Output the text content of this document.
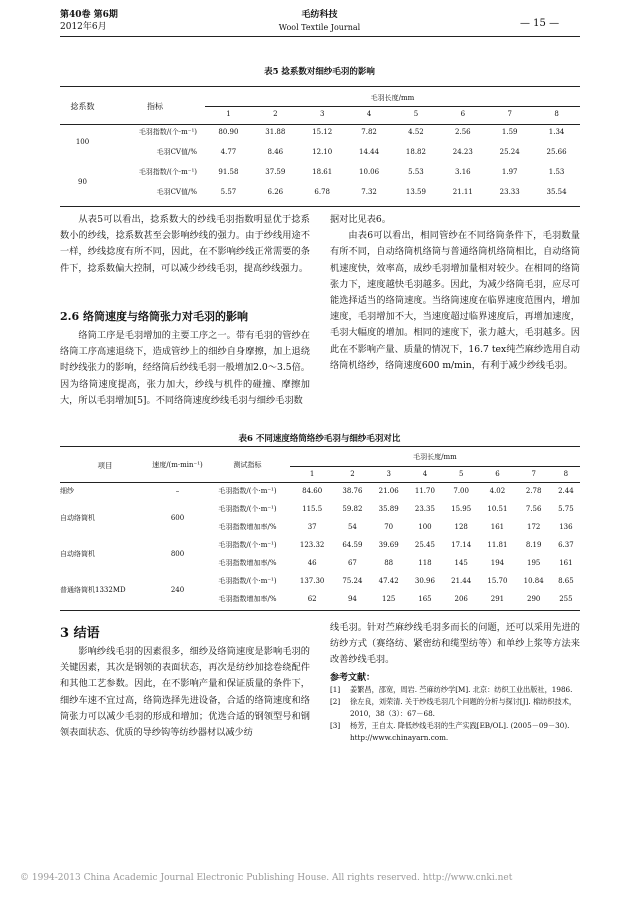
第40卷 第6期
2012年6月
毛纺科技
Wool Textile Journal	— 15 —
表5 捻系数对细纱毛羽的影响
捻系数	指标	毛羽长度/mm							
		1	2	3	4	5	6	7	8
100	毛羽指数/(个·m⁻¹)	80.90	31.88	15.12	7.82	4.52	2.56	1.59	1.34
	毛羽CV值/%	4.77	8.46	12.10	14.44	18.82	24.23	25.24	25.66
90	毛羽指数/(个·m⁻¹)	91.58	37.59	18.61	10.06	5.53	3.16	1.97	1.53
	毛羽CV值/%	5.57	6.26	6.78	7.32	13.59	21.11	23.33	35.54

从表5可以看出，捻系数大的纱线毛羽指数明显优于捻系数小的纱线，捻系数甚至会影响纱线的强力。由于纱线用途不一样，纱线捻度有所不同，因此，在不影响纱线正常需要的条件下，捻系数偏大控制，可以减少纱线毛羽，提高纱线强力。

2.6 络筒速度与络筒张力对毛羽的影响

络筒工序是毛羽增加的主要工序之一。带有毛羽的管纱在络筒工序高速退绕下，造成管纱上的细纱自身摩擦，加上退绕时纱线张力的影响，经络筒后纱线毛羽一般增加2.0～3.5倍。因为络筒速度提高，张力加大，纱线与机件的碰撞、摩擦加大，所以毛羽增加[5]。不同络筒速度纱线毛羽与细纱毛羽数

据对比见表6。

由表6可以看出，相同管纱在不同络筒条件下，毛羽数量有所不同，自动络筒机络筒与普通络筒机络筒相比，自动络筒机速度快，效率高，成纱毛羽增加量相对较少。在相同的络筒张力下，速度越快毛羽越多。因此，为减少络筒毛羽，应尽可能选择适当的络筒速度。当络筒速度在临界速度范围内，增加速度，毛羽增加不大，当速度超过临界速度后，再增加速度，毛羽大幅度的增加。相同的速度下，张力越大，毛羽越多。因此在不影响产量、质量的情况下，16.7 tex纯苎麻纱选用自动络筒机络纱，络筒速度600 m/min，有利于减少纱线毛羽。

表6 不同速度络筒络纱毛羽与细纱毛羽对比
项目	速度/(m·min⁻¹)	测试指标	毛羽长度/mm							
			1	2	3	4	5	6	7	8
细纱	–	毛羽指数/(个·m⁻¹)	84.60	38.76	21.06	11.70	7.00	4.02	2.78	2.44
自动络筒机	600	毛羽指数/(个·m⁻¹)	115.5	59.82	35.89	23.35	15.95	10.51	7.56	5.75
		毛羽指数增加率/%	37	54	70	100	128	161	172	136
自动络筒机	800	毛羽指数/(个·m⁻¹)	123.32	64.59	39.69	25.45	17.14	11.81	8.19	6.37
		毛羽指数增加率/%	46	67	88	118	145	194	195	161
普通络筒机1332MD	240	毛羽指数/(个·m⁻¹)	137.30	75.24	47.42	30.96	21.44	15.70	10.84	8.65
		毛羽指数增加率/%	62	94	125	165	206	291	290	255
3 结语

影响纱线毛羽的因素很多，细纱及络筒速度是影响毛羽的关键因素，其次是钢领的表面状态，再次是纺纱加捻卷绕配件和其他工艺参数。因此，在不影响产量和保证质量的条件下，细纱车速不宜过高，络筒选择先进设备，合适的络筒速度和络筒张力可以减少毛羽的形成和增加；优选合适的钢领型号和钢领表面状态、优质的导纱钩等纺纱器材以减少纺

线毛羽。针对苎麻纱线毛羽多而长的问题，还可以采用先进的纺纱方式（赛络纺、紧密纺和缆型纺等）和单纱上浆等方法来改善纱线毛羽。

参考文献：
[1] 姜繁昌，邵宽，周岩. 苎麻纺纱学[M]. 北京：纺织工业出版社，1986.
[2] 徐左良，刘荣清. 关于纱线毛羽几个问题的分析与探讨[J]. 棉纺织技术，2010，38（3）：67－68.
[3] 杨芳，王自太. 降低纱线毛羽的生产实践[EB/OL]. (2005－09－30). http://www.chinayarn.com.
© 1994-2013 China Academic Journal Electronic Publishing House. All rights reserved. http://www.cnki.net
